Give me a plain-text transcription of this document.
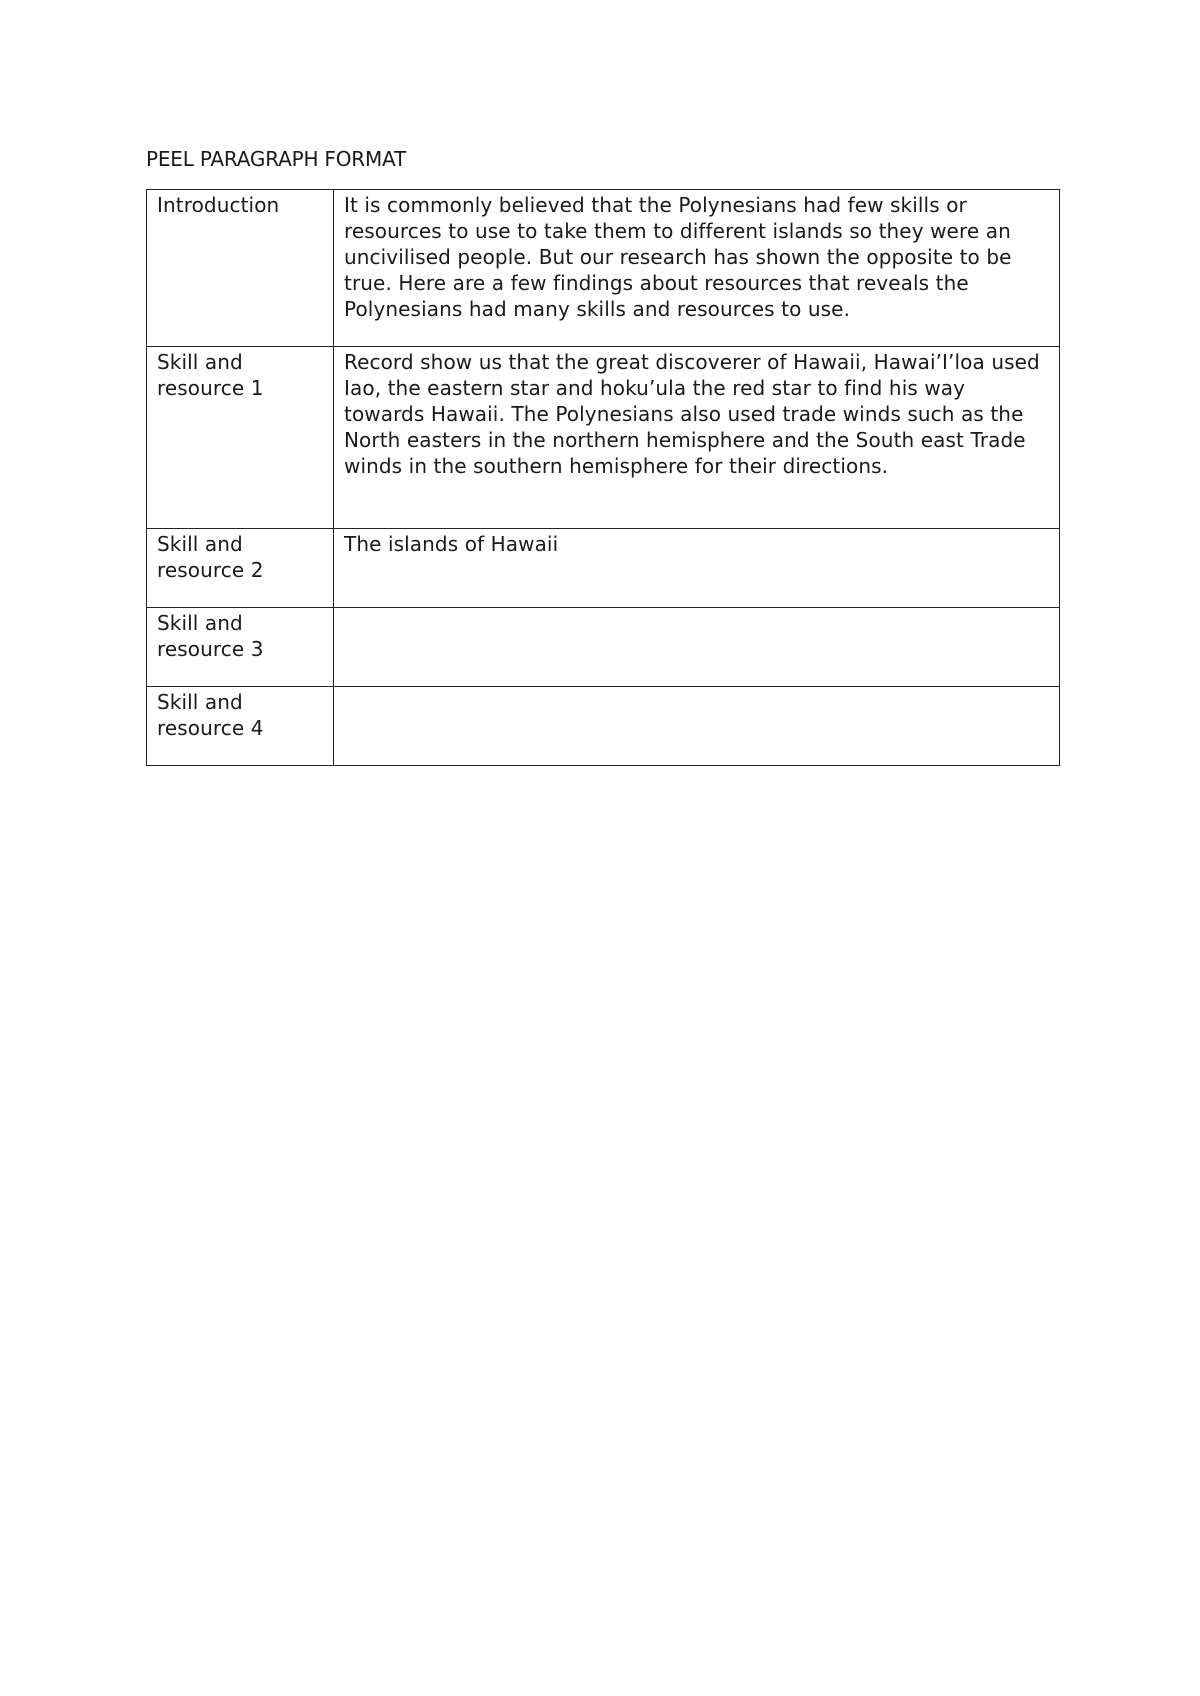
PEEL PARAGRAPH FORMAT
Introduction	It is commonly believed that the Polynesians had few skills or resources to use to take them to different islands so they were an uncivilised people. But our research has shown the opposite to be true. Here are a few findings about resources that reveals the Polynesians had many skills and resources to use.
Skill and resource 1	Record show us that the great discoverer of Hawaii, Hawai’I’loa used Iao, the eastern star and hoku’ula the red star to find his way towards Hawaii. The Polynesians also used trade winds such as the North easters in the northern hemisphere and the South east Trade winds in the southern hemisphere for their directions.
Skill and resource 2	The islands of Hawaii
Skill and resource 3	
Skill and resource 4	
